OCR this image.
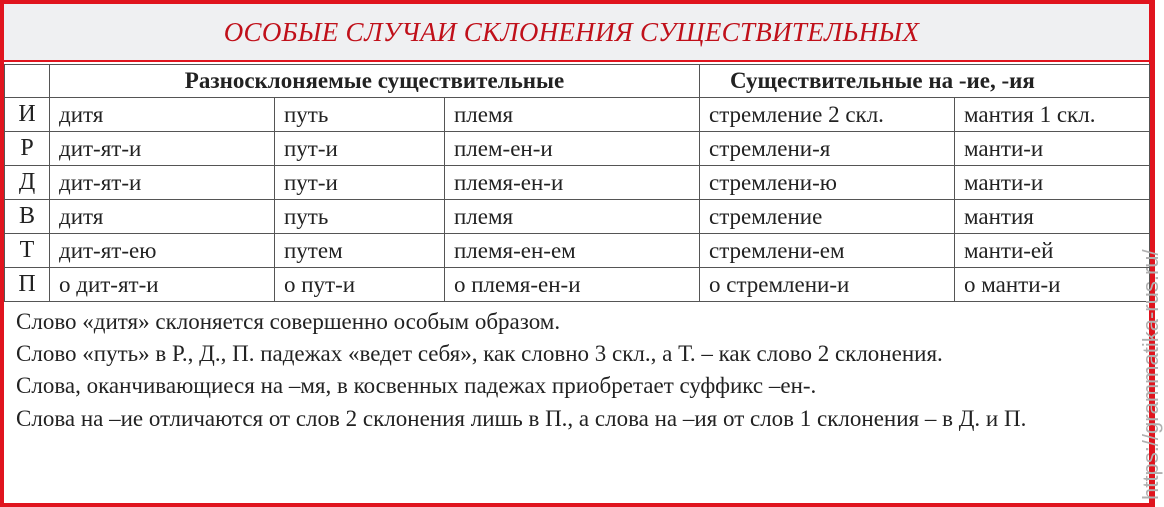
ОСОБЫЕ СЛУЧАИ СКЛОНЕНИЯ СУЩЕСТВИТЕЛЬНЫХ
	Разносклоняемые существительные			Существительные на -ие, -ия	
И	дитя	путь	племя	стремление 2 скл.	мантия 1 скл.
Р	дит-ят-и	пут-и	плем-ен-и	стремлени-я	манти-и
Д	дит-ят-и	пут-и	племя-ен-и	стремлени-ю	манти-и
В	дитя	путь	племя	стремление	мантия
Т	дит-ят-ею	путем	племя-ен-ем	стремлени-ем	манти-ей
П	о дит-ят-и	о пут-и	о племя-ен-и	о стремлени-и	о манти-и

Слово «дитя» склоняется совершенно особым образом.

Слово «путь» в Р., Д., П. падежах «ведет себя», как словно 3 скл., а Т. – как слово 2 склонения.

Слова, оканчивающиеся на –мя, в косвенных падежах приобретает суффикс –ен-.

Слова на –ие отличаются от слов 2 склонения лишь в П., а слова на –ия от слов 1 склонения – в Д. и П.	https://grammatika-rus.ru/
